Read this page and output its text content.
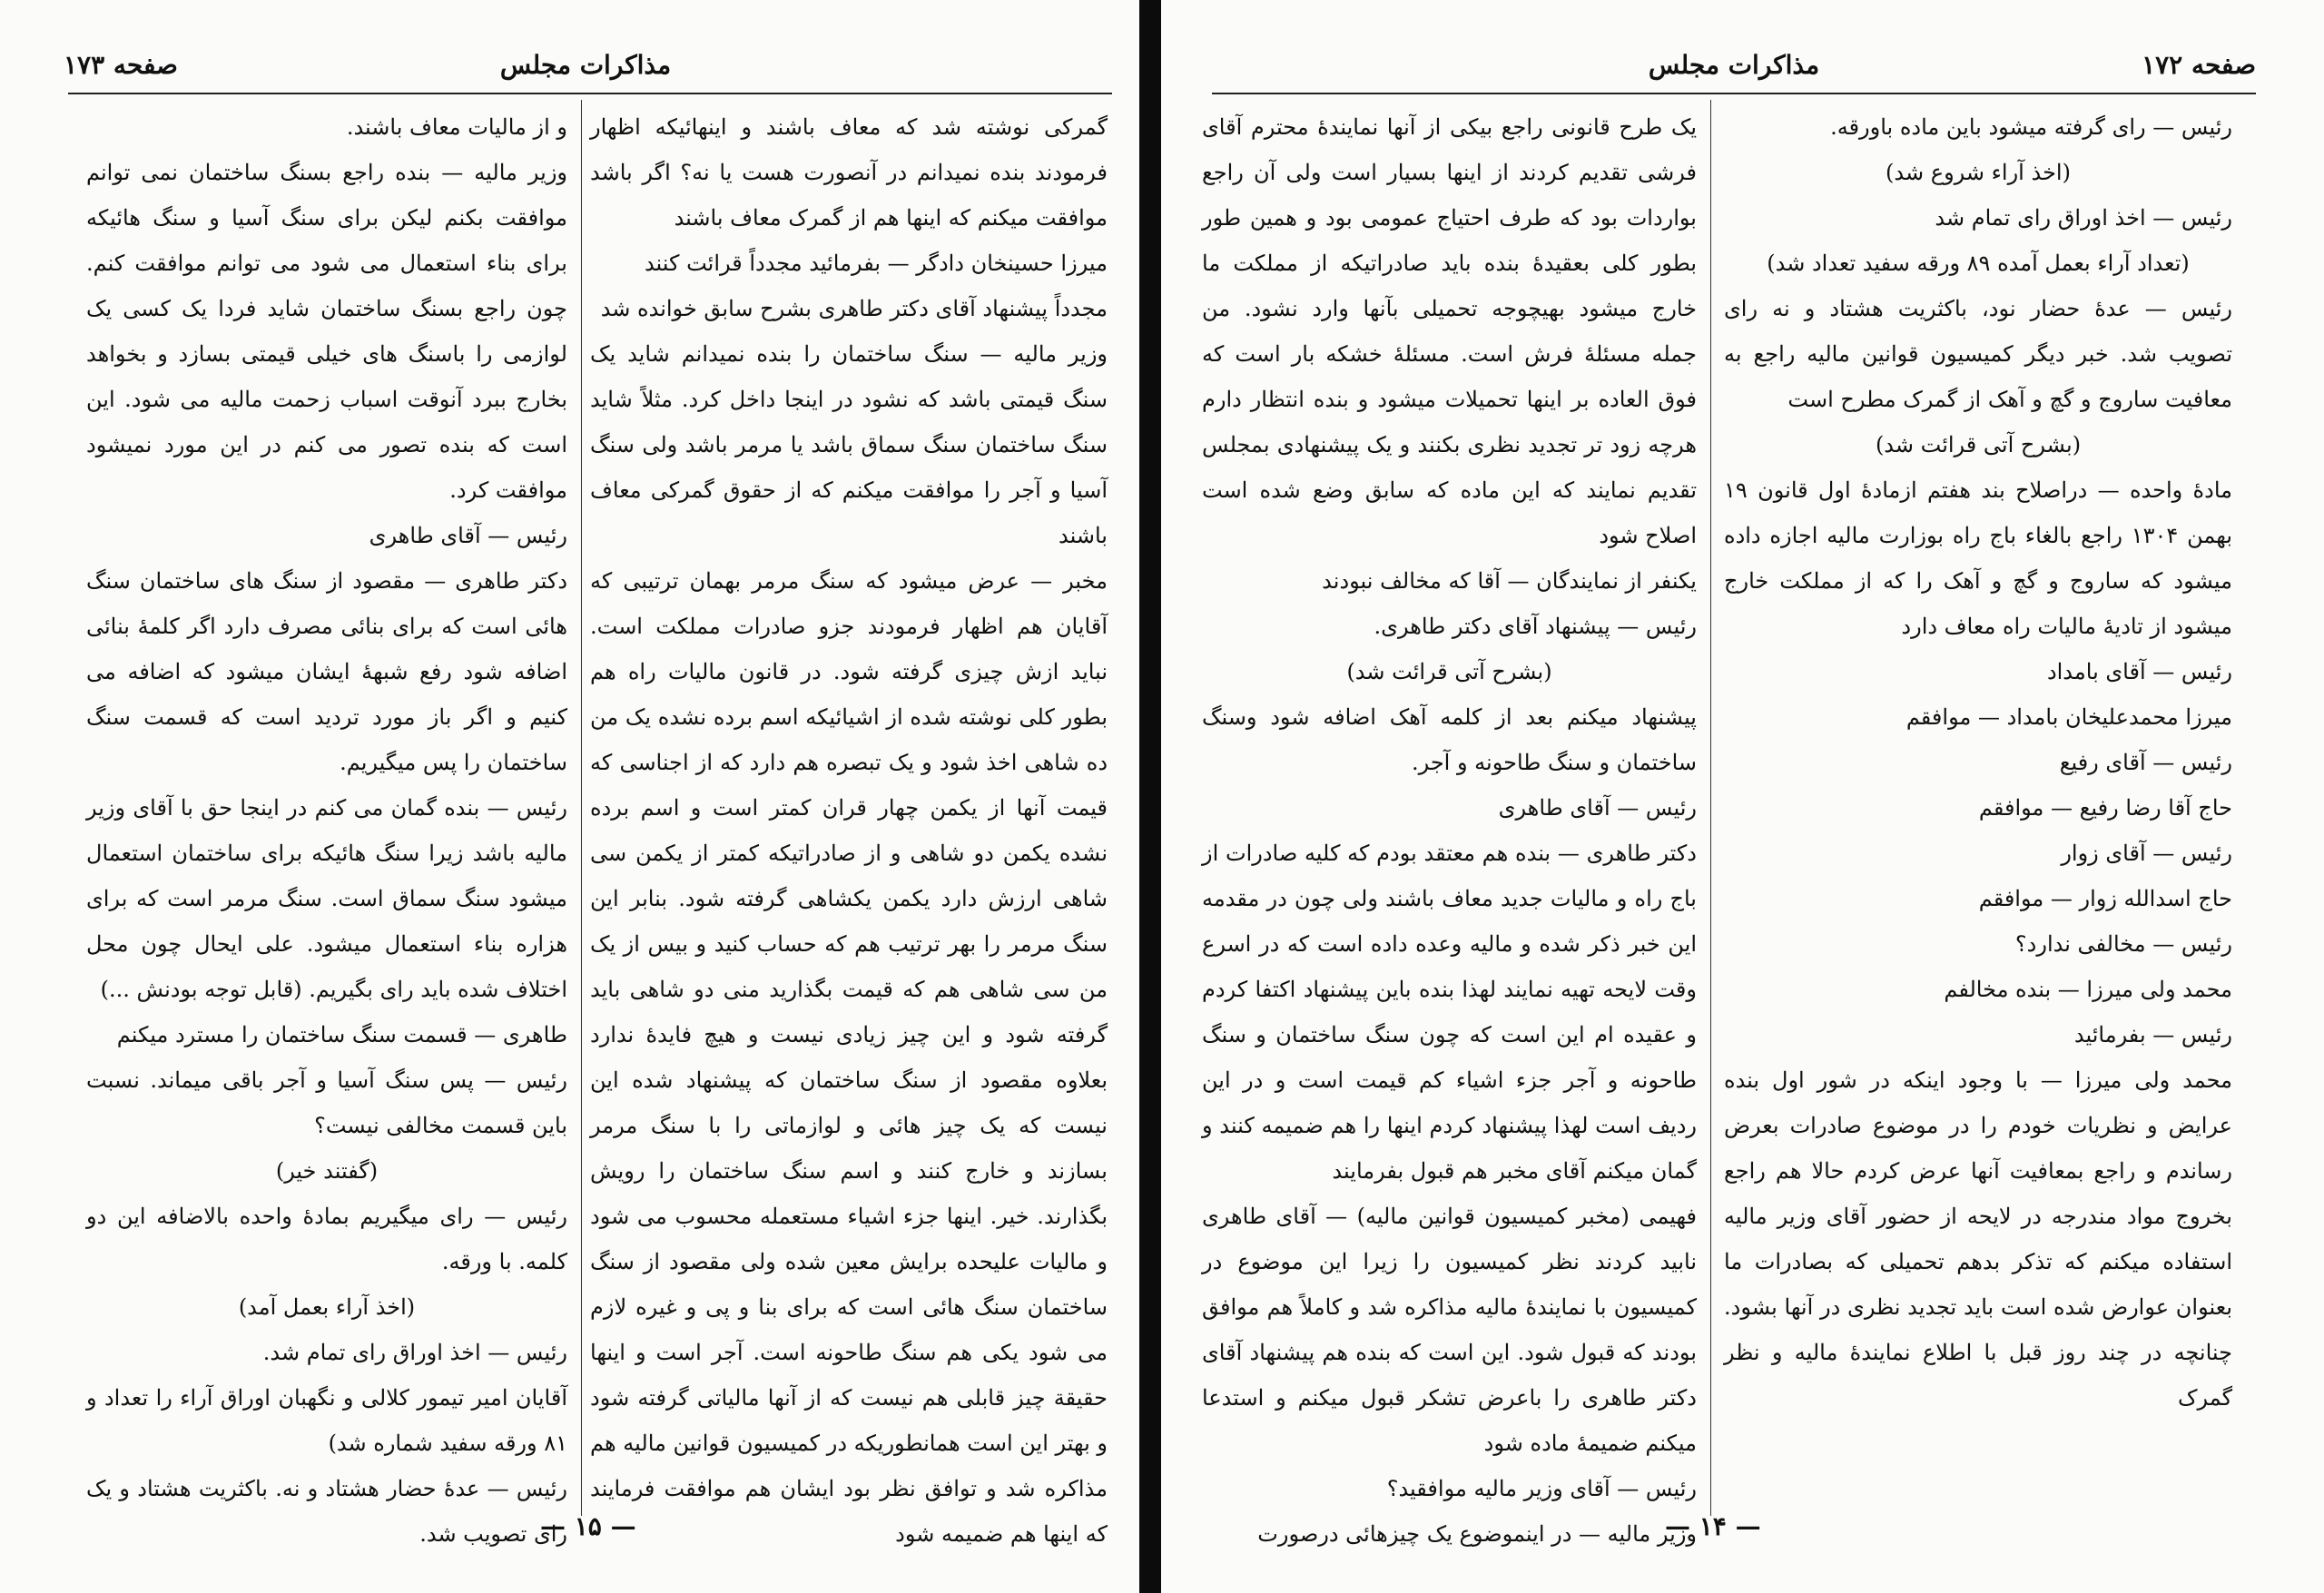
مذاکرات مجلس
صفحه ۱۷۳

گمرکی نوشته شد که معاف باشند و اینهائیکه اظهار فرمودند بنده نمیدانم در آنصورت هست یا نه؟ اگر باشد موافقت میکنم که اینها هم از گمرک معاف باشند

میرزا حسینخان دادگر — بفرمائید مجدداً قرائت کنند

مجدداً پیشنهاد آقای دکتر طاهری بشرح سابق خوانده شد

وزیر مالیه — سنگ ساختمان را بنده نمیدانم شاید یک سنگ قیمتی باشد که نشود در اینجا داخل کرد. مثلاً شاید سنگ ساختمان سنگ سماق باشد یا مرمر باشد ولی سنگ آسیا و آجر را موافقت میکنم که از حقوق گمرکی معاف باشند

مخبر — عرض میشود که سنگ مرمر بهمان ترتیبی که آقایان هم اظهار فرمودند جزو صادرات مملکت است. نباید ازش چیزی گرفته شود. در قانون مالیات راه هم بطور کلی نوشته شده از اشیائیکه اسم برده نشده یک من ده شاهی اخذ شود و یک تبصره هم دارد که از اجناسی که قیمت آنها از یکمن چهار قران کمتر است و اسم برده نشده یکمن دو شاهی و از صادراتیکه کمتر از یکمن سی شاهی ارزش دارد یکمن یکشاهی گرفته شود. بنابر این سنگ مرمر را بهر ترتیب هم که حساب کنید و بیس از یک من سی شاهی هم که قیمت بگذارید منی دو شاهی باید گرفته شود و این چیز زیادی نیست و هیچ فایدهٔ ندارد بعلاوه مقصود از سنگ ساختمان که پیشنهاد شده این نیست که یک چیز هائی و لوازماتی را با سنگ مرمر بسازند و خارج کنند و اسم سنگ ساختمان را رویش بگذارند. خیر. اینها جزء اشیاء مستعمله محسوب می شود و مالیات علیحده برایش معین شده ولی مقصود از سنگ ساختمان سنگ هائی است که برای بنا و پی و غیره لازم می شود یکی هم سنگ طاحونه است. آجر است و اینها حقیقة چیز قابلی هم نیست که از آنها مالیاتی گرفته شود و بهتر این است همانطوریکه در کمیسیون قوانین مالیه هم مذاکره شد و توافق نظر بود ایشان هم موافقت فرمایند که اینها هم ضمیمه شود

و از مالیات معاف باشند.

وزیر مالیه — بنده راجع بسنگ ساختمان نمی توانم موافقت بکنم لیکن برای سنگ آسیا و سنگ هائیکه برای بناء استعمال می شود می توانم موافقت کنم. چون راجع بسنگ ساختمان شاید فردا یک کسی یک لوازمی را باسنگ های خیلی قیمتی بسازد و بخواهد بخارج ببرد آنوقت اسباب زحمت مالیه می شود. این است که بنده تصور می کنم در این مورد نمیشود موافقت کرد.

رئیس — آقای طاهری

دکتر طاهری — مقصود از سنگ های ساختمان سنگ هائی است که برای بنائی مصرف دارد اگر کلمهٔ بنائی اضافه شود رفع شبههٔ ایشان میشود که اضافه می کنیم و اگر باز مورد تردید است که قسمت سنگ ساختمان را پس میگیریم.

رئیس — بنده گمان می کنم در اینجا حق با آقای وزیر مالیه باشد زیرا سنگ هائیکه برای ساختمان استعمال میشود سنگ سماق است. سنگ مرمر است که برای هزاره بناء استعمال میشود. علی ایحال چون محل اختلاف شده باید رای بگیریم. (قابل توجه بودنش ...)

طاهری — قسمت سنگ ساختمان را مسترد میکنم

رئیس — پس سنگ آسیا و آجر باقی میماند. نسبت باین قسمت مخالفی نیست؟

(گفتند خیر)

رئیس — رای میگیریم بمادهٔ واحده بالاضافه این دو کلمه. با ورقه.

(اخذ آراء بعمل آمد)

رئیس — اخذ اوراق رای تمام شد.

آقایان امیر تیمور کلالی و نگهبان اوراق آراء را تعداد و ۸۱ ورقه سفید شماره شد)

رئیس — عدهٔ حضار هشتاد و نه. باکثریت هشتاد و یک رای تصویب شد.

— ۱۵ —
مذاکرات مجلس	صفحه ۱۷۲

رئیس — رای گرفته میشود باین ماده باورقه.

(اخذ آراء شروع شد)

رئیس — اخذ اوراق رای تمام شد

(تعداد آراء بعمل آمده ۸۹ ورقه سفید تعداد شد)

رئیس — عدهٔ حضار نود، باکثریت هشتاد و نه رای تصویب شد. خبر دیگر کمیسیون قوانین مالیه راجع به معافیت ساروج و گچ و آهک از گمرک مطرح است

(بشرح آتی قرائت شد)

مادهٔ واحده — دراصلاح بند هفتم ازمادهٔ اول قانون ۱۹ بهمن ۱۳۰۴ راجع بالغاء باج راه بوزارت مالیه اجازه داده میشود که ساروج و گچ و آهک را که از مملکت خارج میشود از تادیهٔ مالیات راه معاف دارد

رئیس — آقای بامداد

میرزا محمدعلیخان بامداد — موافقم

رئیس — آقای رفیع

حاج آقا رضا رفیع — موافقم

رئیس — آقای زوار

حاج اسدالله زوار — موافقم

رئیس — مخالفی ندارد؟

محمد ولی میرزا — بنده مخالفم

رئیس — بفرمائید

محمد ولی میرزا — با وجود اینکه در شور اول بنده عرایض و نظریات خودم را در موضوع صادرات بعرض رساندم و راجع بمعافیت آنها عرض کردم حالا هم راجع بخروج مواد مندرجه در لایحه از حضور آقای وزیر مالیه استفاده میکنم که تذکر بدهم تحمیلی که بصادرات ما بعنوان عوارض شده است باید تجدید نظری در آنها بشود. چنانچه در چند روز قبل با اطلاع نمایندهٔ مالیه و نظر گمرک

یک طرح قانونی راجع بیکی از آنها نمایندهٔ محترم آقای فرشی تقدیم کردند از اینها بسیار است ولی آن راجع بواردات بود که طرف احتیاج عمومی بود و همین طور بطور کلی بعقیدهٔ بنده باید صادراتیکه از مملکت ما خارج میشود بهیچوجه تحمیلی بآنها وارد نشود. من جمله مسئلهٔ فرش است. مسئلهٔ خشکه بار است که فوق العاده بر اینها تحمیلات میشود و بنده انتظار دارم هرچه زود تر تجدید نظری بکنند و یک پیشنهادی بمجلس تقدیم نمایند که این ماده که سابق وضع شده است اصلاح شود

یکنفر از نمایندگان — آقا که مخالف نبودند

رئیس — پیشنهاد آقای دکتر طاهری.

(بشرح آتی قرائت شد)

پیشنهاد میکنم بعد از کلمه آهک اضافه شود وسنگ ساختمان و سنگ طاحونه و آجر.

رئیس — آقای طاهری

دکتر طاهری — بنده هم معتقد بودم که کلیه صادرات از باج راه و مالیات جدید معاف باشند ولی چون در مقدمه این خبر ذکر شده و مالیه وعده داده است که در اسرع وقت لایحه تهیه نمایند لهذا بنده باین پیشنهاد اکتفا کردم و عقیده ام این است که چون سنگ ساختمان و سنگ طاحونه و آجر جزء اشیاء کم قیمت است و در این ردیف است لهذا پیشنهاد کردم اینها را هم ضمیمه کنند و گمان میکنم آقای مخبر هم قبول بفرمایند

فهیمی (مخبر کمیسیون قوانین مالیه) — آقای طاهری نابید کردند نظر کمیسیون را زیرا این موضوع در کمیسیون با نمایندهٔ مالیه مذاکره شد و کاملاً هم موافق بودند که قبول شود. این است که بنده هم پیشنهاد آقای دکتر طاهری را باعرض تشکر قبول میکنم و استدعا میکنم ضمیمهٔ ماده شود

رئیس — آقای وزیر مالیه موافقید؟

وزیر مالیه — در اینموضوع یک چیزهائی درصورت

— ۱۴ —
